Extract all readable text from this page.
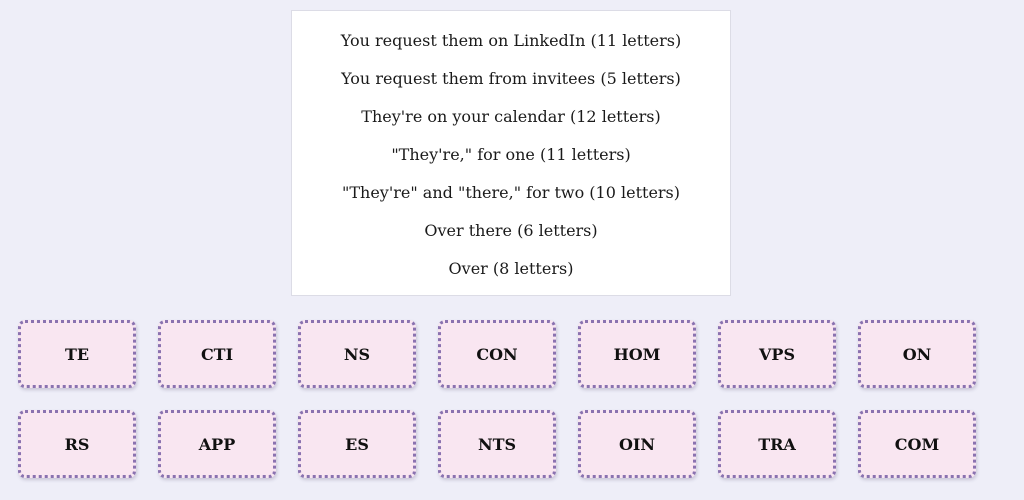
You request them on LinkedIn (11 letters)
You request them from invitees (5 letters)
They're on your calendar (12 letters)
"They're," for one (11 letters)
"They're" and "there," for two (10 letters)
Over there (6 letters)
Over (8 letters)
TE	CTI	NS	CON	HOM	VPS	ON
RS	APP	ES	NTS	OIN	TRA	COM
